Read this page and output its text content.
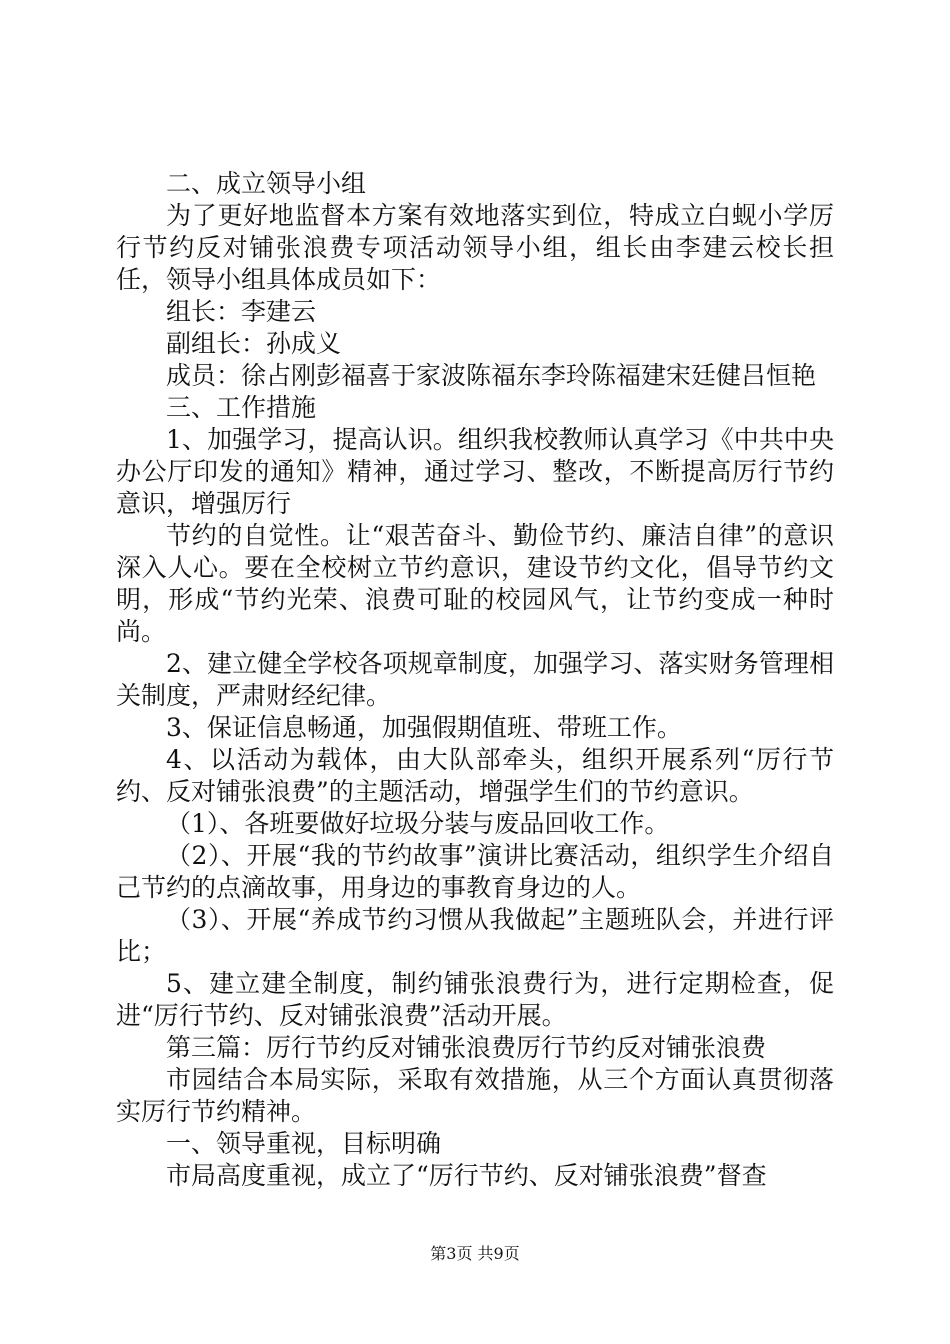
二、成立领导小组

为了更好地监督本方案有效地落实到位，特成立白蚬小学厉行节约反对铺张浪费专项活动领导小组，组长由李建云校长担任，领导小组具体成员如下：

组长：李建云

副组长：孙成义

成员：徐占刚彭福喜于家波陈福东李玲陈福建宋廷健吕恒艳

三、工作措施

1、加强学习，提高认识。组织我校教师认真学习《中共中央办公厅印发的通知》精神，通过学习、整改，不断提高厉行节约意识，增强厉行

节约的自觉性。让“艰苦奋斗、勤俭节约、廉洁自律”的意识深入人心。要在全校树立节约意识，建设节约文化，倡导节约文明，形成“节约光荣、浪费可耻的校园风气，让节约变成一种时尚。

2、建立健全学校各项规章制度，加强学习、落实财务管理相关制度，严肃财经纪律。

3、保证信息畅通，加强假期值班、带班工作。

4、以活动为载体，由大队部牵头，组织开展系列“厉行节约、反对铺张浪费”的主题活动，增强学生们的节约意识。

（1）、各班要做好垃圾分装与废品回收工作。

（2）、开展“我的节约故事”演讲比赛活动，组织学生介绍自己节约的点滴故事，用身边的事教育身边的人。

（3）、开展“养成节约习惯从我做起”主题班队会，并进行评比；

5、建立建全制度，制约铺张浪费行为，进行定期检查，促进“厉行节约、反对铺张浪费”活动开展。

第三篇：厉行节约反对铺张浪费厉行节约反对铺张浪费

市园结合本局实际，采取有效措施，从三个方面认真贯彻落实厉行节约精神。

一、领导重视，目标明确

市局高度重视，成立了“厉行节约、反对铺张浪费”督查

第3页 共9页
